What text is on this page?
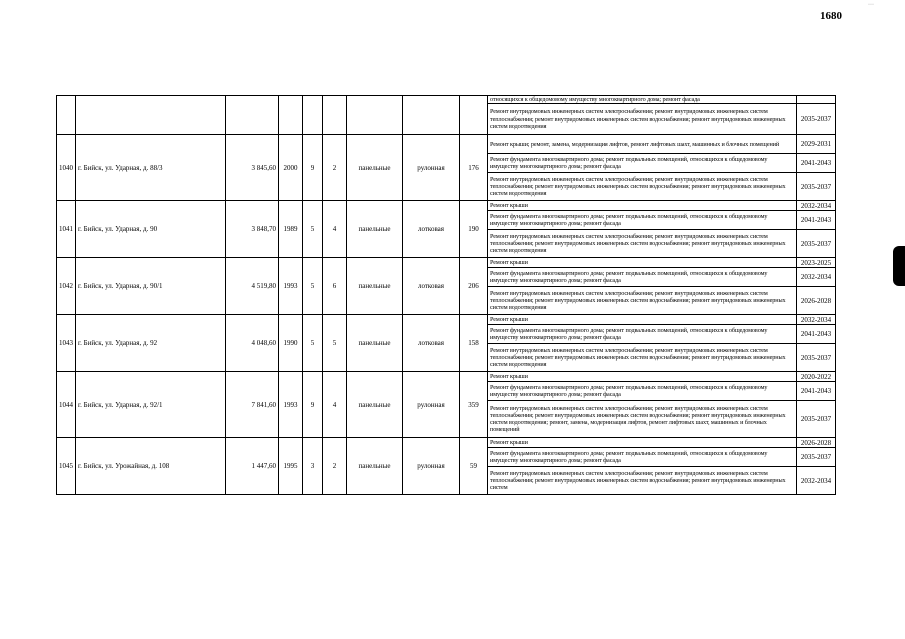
1680
···
									относящихся к общедомовому имуществу многоквартирного дома; ремонт фасада	
									Ремонт внутридомовых инженерных систем электроснабжения; ремонт внутридомовых инженерных систем теплоснабжения; ремонт внутридомовых инженерных систем водоснабжения; ремонт внутридомовых инженерных систем водоотведения	2035-2037
1040	г. Бийск, ул. Ударная, д. 88/3	3 845,60	2000	9	2	панельные	рулонная	176	Ремонт крыши; ремонт, замена, модернизация лифтов, ремонт лифтовых шахт, машинных и блочных помещений	2029-2031
									Ремонт фундамента многоквартирного дома; ремонт подвальных помещений, относящихся к общедомовому имуществу многоквартирного дома; ремонт фасада	2041-2043
									Ремонт внутридомовых инженерных систем электроснабжения; ремонт внутридомовых инженерных систем теплоснабжения; ремонт внутридомовых инженерных систем водоснабжения; ремонт внутридомовых инженерных систем водоотведения	2035-2037
1041	г. Бийск, ул. Ударная, д. 90	3 848,70	1989	5	4	панельные	лотковая	190	Ремонт крыши	2032-2034
									Ремонт фундамента многоквартирного дома; ремонт подвальных помещений, относящихся к общедомовому имуществу многоквартирного дома; ремонт фасада	2041-2043
									Ремонт внутридомовых инженерных систем электроснабжения; ремонт внутридомовых инженерных систем теплоснабжения; ремонт внутридомовых инженерных систем водоснабжения; ремонт внутридомовых инженерных систем водоотведения	2035-2037
1042	г. Бийск, ул. Ударная, д. 90/1	4 519,80	1993	5	6	панельные	лотковая	206	Ремонт крыши	2023-2025
									Ремонт фундамента многоквартирного дома; ремонт подвальных помещений, относящихся к общедомовому имуществу многоквартирного дома; ремонт фасада	2032-2034
									Ремонт внутридомовых инженерных систем электроснабжения; ремонт внутридомовых инженерных систем теплоснабжения; ремонт внутридомовых инженерных систем водоснабжения; ремонт внутридомовых инженерных систем водоотведения	2026-2028
1043	г. Бийск, ул. Ударная, д. 92	4 048,60	1990	5	5	панельные	лотковая	158	Ремонт крыши	2032-2034
									Ремонт фундамента многоквартирного дома; ремонт подвальных помещений, относящихся к общедомовому имуществу многоквартирного дома; ремонт фасада	2041-2043
									Ремонт внутридомовых инженерных систем электроснабжения; ремонт внутридомовых инженерных систем теплоснабжения; ремонт внутридомовых инженерных систем водоснабжения; ремонт внутридомовых инженерных систем водоотведения	2035-2037
1044	г. Бийск, ул. Ударная, д. 92/1	7 841,60	1993	9	4	панельные	рулонная	359	Ремонт крыши	2020-2022
									Ремонт фундамента многоквартирного дома; ремонт подвальных помещений, относящихся к общедомовому имуществу многоквартирного дома; ремонт фасада	2041-2043
									Ремонт внутридомовых инженерных систем электроснабжения; ремонт внутридомовых инженерных систем теплоснабжения; ремонт внутридомовых инженерных систем водоснабжения; ремонт внутридомовых инженерных систем водоотведения; ремонт, замена, модернизация лифтов, ремонт лифтовых шахт, машинных и блочных помещений	2035-2037
1045	г. Бийск, ул. Урожайная, д. 108	1 447,60	1995	3	2	панельные	рулонная	59	Ремонт крыши	2026-2028
									Ремонт фундамента многоквартирного дома; ремонт подвальных помещений, относящихся к общедомовому имуществу многоквартирного дома; ремонт фасада	2035-2037
									Ремонт внутридомовых инженерных систем электроснабжения; ремонт внутридомовых инженерных систем теплоснабжения; ремонт внутридомовых инженерных систем водоснабжения; ремонт внутридомовых инженерных систем	2032-2034
